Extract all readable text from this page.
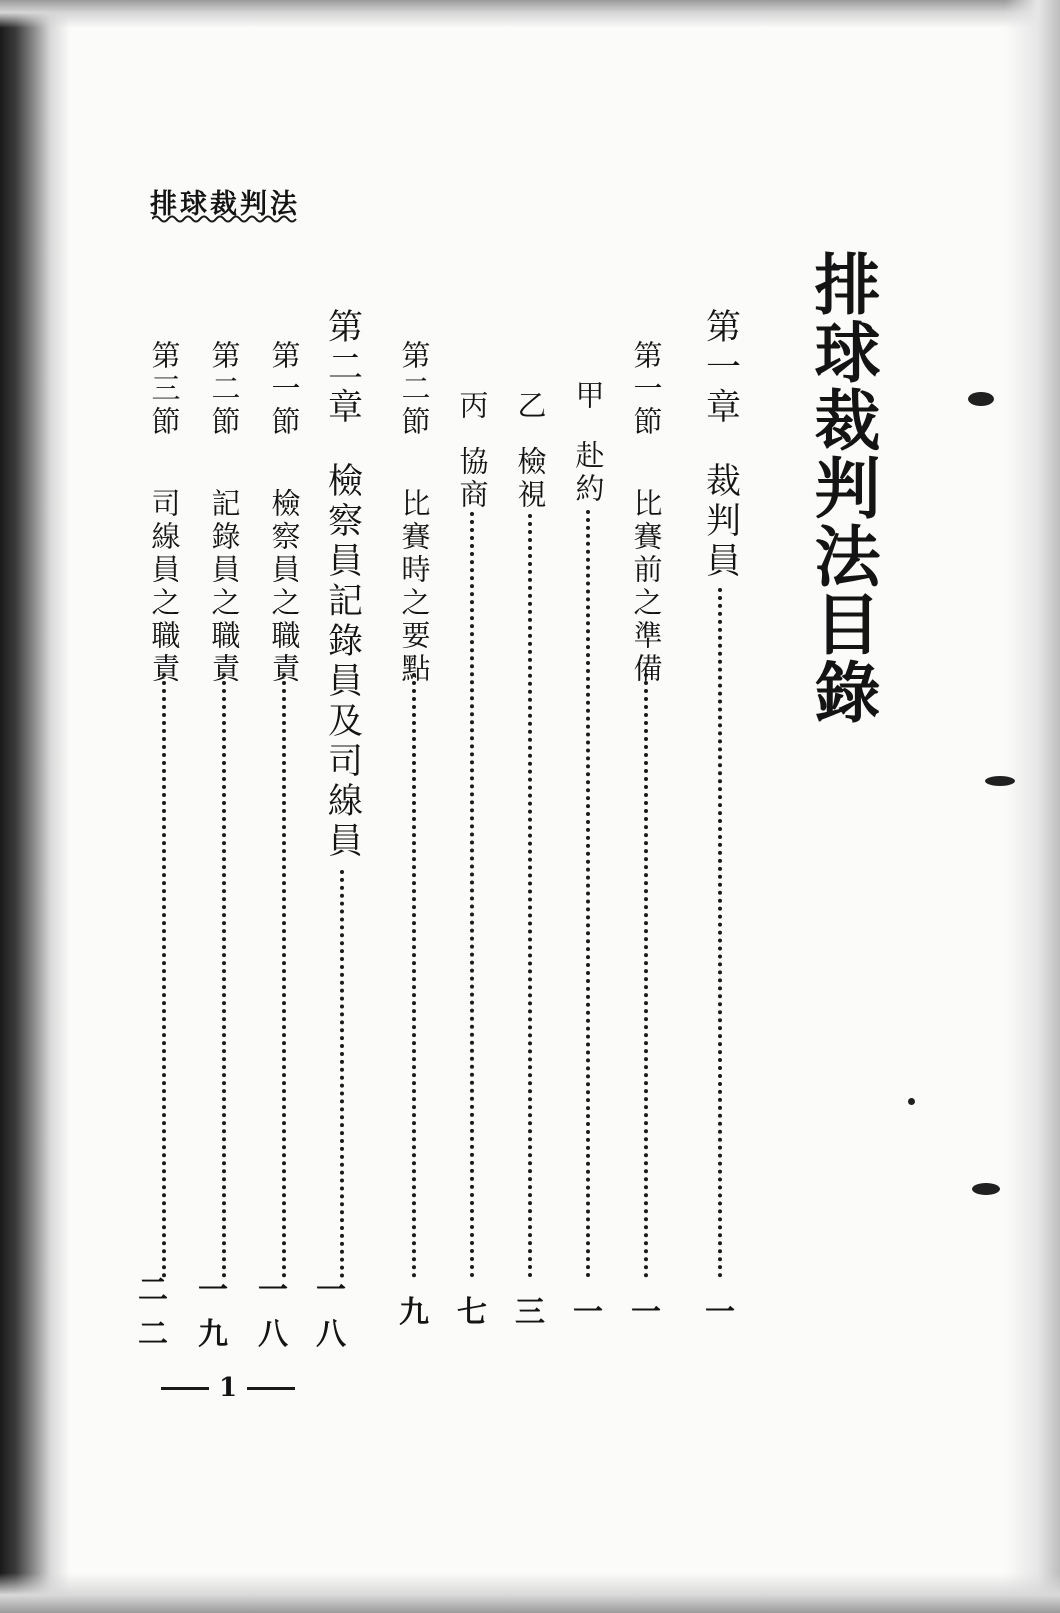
排球裁判法
排球裁判法目錄
第一章
裁判員
一
第一節
比賽前之準備
一
甲
赴約
一
乙
檢視
三
丙
協商
七
第二節
比賽時之要點
九
第二章
檢察員記錄員及司線員
一八
第一節
檢察員之職責
一八
第二節
記錄員之職責
一九
第三節
司線員之職責
二二
1
